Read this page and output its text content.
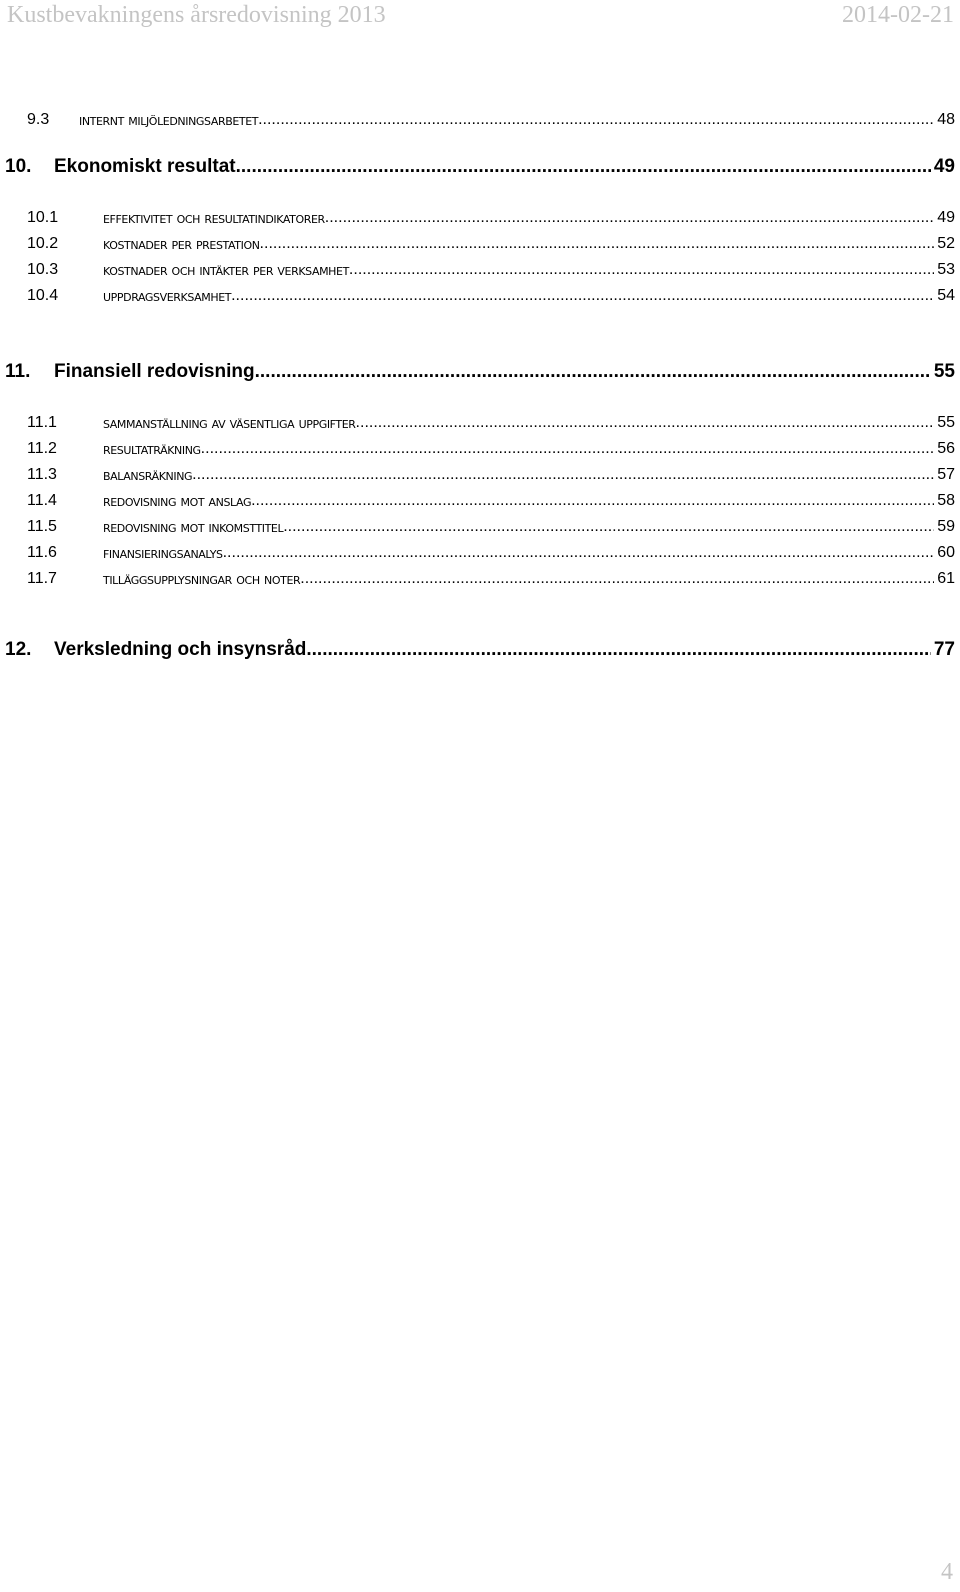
Kustbevakningens årsredovisning 2013	2014-02-21
9.3	internt miljöledningsarbetet .....	48
10.	Ekonomiskt resultat .....	49
10.1	effektivitet och resultatindikatorer .....	49
10.2	kostnader per prestation .....	52
10.3	kostnader och intäkter per verksamhet .....	53
10.4	uppdragsverksamhet .....	54
11.	Finansiell redovisning .....	55
11.1	sammanställning av väsentliga uppgifter .....	55
11.2	resultaträkning .....	56
11.3	balansräkning .....	57
11.4	redovisning mot anslag .....	58
11.5	redovisning mot inkomsttitel .....	59
11.6	finansieringsanalys .....	60
11.7	tilläggsupplysningar och noter .....	61
12.	Verksledning och insynsråd .....	77
4
